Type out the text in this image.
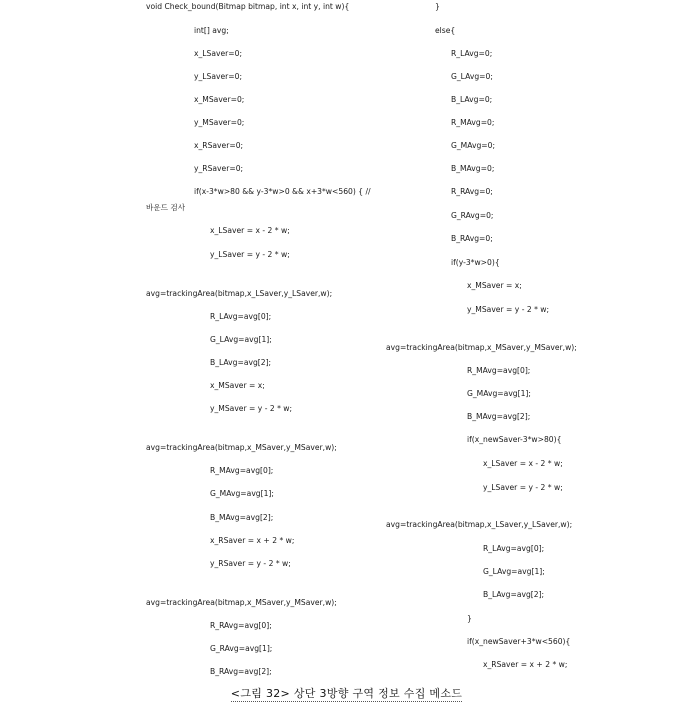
void Check_bound(Bitmap bitmap, int x, int y, int w){
int[] avg;
x_LSaver=0;
y_LSaver=0;
x_MSaver=0;
y_MSaver=0;
x_RSaver=0;
y_RSaver=0;
if(x-3*w>80 && y-3*w>0 && x+3*w<560) { //
바운드 검사
x_LSaver = x - 2 * w;
y_LSaver = y - 2 * w;
avg=trackingArea(bitmap,x_LSaver,y_LSaver,w);
R_LAvg=avg[0];
G_LAvg=avg[1];
B_LAvg=avg[2];
x_MSaver = x;
y_MSaver = y - 2 * w;
avg=trackingArea(bitmap,x_MSaver,y_MSaver,w);
R_MAvg=avg[0];
G_MAvg=avg[1];
B_MAvg=avg[2];
x_RSaver = x + 2 * w;
y_RSaver = y - 2 * w;
avg=trackingArea(bitmap,x_MSaver,y_MSaver,w);
R_RAvg=avg[0];
G_RAvg=avg[1];
B_RAvg=avg[2];
}
else{
R_LAvg=0;
G_LAvg=0;
B_LAvg=0;
R_MAvg=0;
G_MAvg=0;
B_MAvg=0;
R_RAvg=0;
G_RAvg=0;
B_RAvg=0;
if(y-3*w>0){
x_MSaver = x;
y_MSaver = y - 2 * w;
avg=trackingArea(bitmap,x_MSaver,y_MSaver,w);
R_MAvg=avg[0];
G_MAvg=avg[1];
B_MAvg=avg[2];
if(x_newSaver-3*w>80){
x_LSaver = x - 2 * w;
y_LSaver = y - 2 * w;
avg=trackingArea(bitmap,x_LSaver,y_LSaver,w);
R_LAvg=avg[0];
G_LAvg=avg[1];
B_LAvg=avg[2];
}
if(x_newSaver+3*w<560){
x_RSaver = x + 2 * w;
<그림 32> 상단 3방향 구역 정보 수집 메소드
